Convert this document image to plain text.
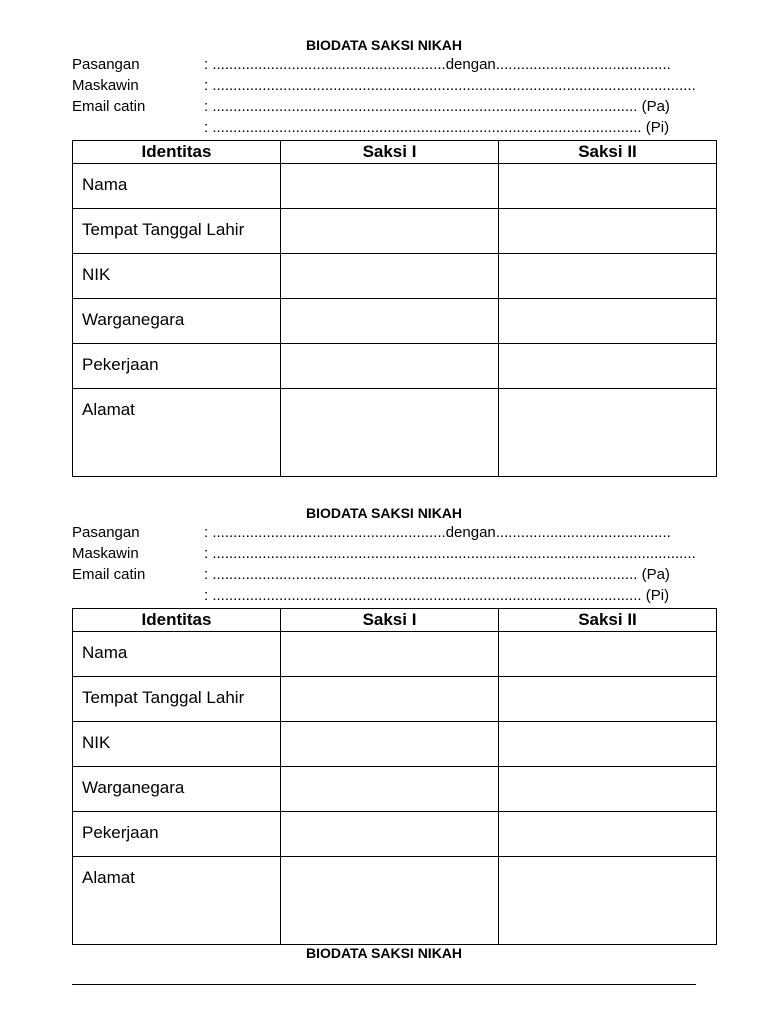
BIODATA SAKSI NIKAH
Pasangan	: ........................................................dengan..........................................
Maskawin	: ....................................................................................................................
Email catin	: ...................................................................................................... (Pa)
: ....................................................................................................... (Pi)
Identitas	Saksi I	Saksi II
Nama		
Tempat Tanggal Lahir		
NIK		
Warganegara		
Pekerjaan		
Alamat		
BIODATA SAKSI NIKAH
Pasangan	: ........................................................dengan..........................................
Maskawin	: ....................................................................................................................
Email catin	: ...................................................................................................... (Pa)
: ....................................................................................................... (Pi)
Identitas	Saksi I	Saksi II
Nama		
Tempat Tanggal Lahir		
NIK		
Warganegara		
Pekerjaan		
Alamat		
BIODATA SAKSI NIKAH
